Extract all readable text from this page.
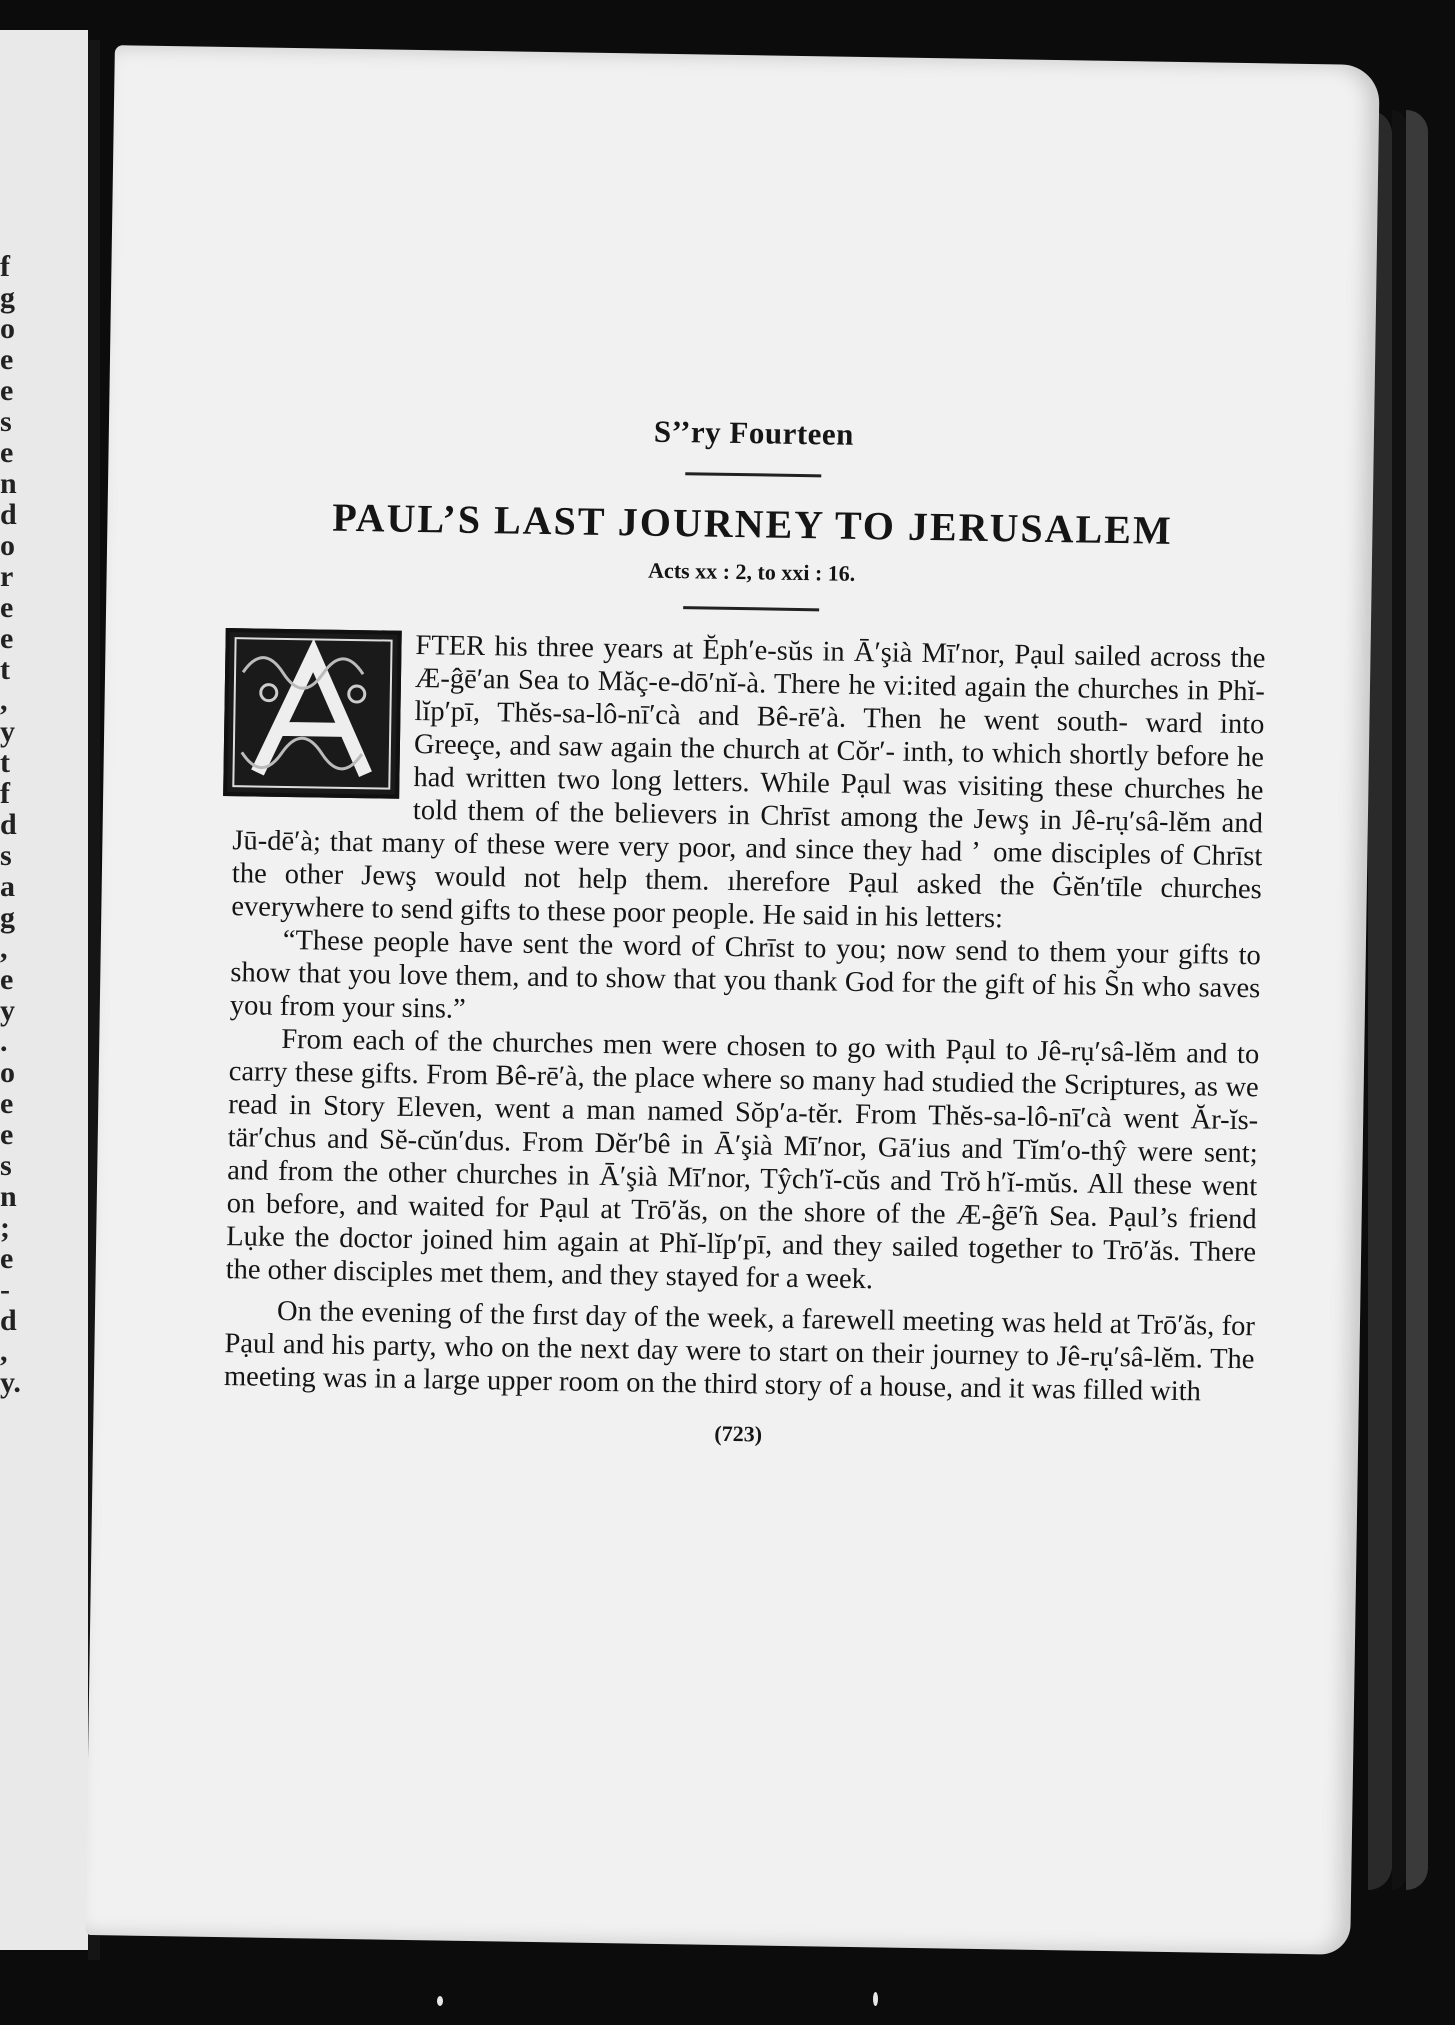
f
g
o
e
e
s
e
n
d
o
r
e
e
t
,
y
t
f
d
s
a
g
,
e
y
.
o
e
e
s
n
;
e
-
d
,
y.
S’’ry Fourteen
PAUL’S LAST JOURNEY TO JERUSALEM
Acts xx : 2, to xxi : 16.

FTER his three years at Ĕph′e-sŭs in Ā′şià Mī′nor, Pạul sailed across the Æ-ĝē′an Sea to Măç-e-dō′nĭ-à. There he vi:ited again the churches in Phĭ-lĭp′pī, Thĕs-sa-lô-nī′cà and Bê-rē′à. Then he went south- ward into Greeçe, and saw again the church at Cŏr′- inth, to which shortly before he had written two long letters. While Pạul was visiting these churches he told them of the believers in Chrīst among the Jewş in Jê-rụ′sâ-lĕm and Jū-dē′à; that many of these were very poor, and since they had ’  ome disciples of Chrīst the other Jewş would not help them. ıherefore Pạul asked the Ġĕn′tīle churches everywhere to send gifts to these poor people. He said in his letters:

“These people have sent the word of Chrīst to you; now send to them your gifts to show that you love them, and to show that you thank God for the gift of his S̃n who saves you from your sins.”

From each of the churches men were chosen to go with Pạul to Jê-rụ′sâ-lĕm and to carry these gifts. From Bê-rē′à, the place where so many had studied the Scriptures, as we read in Story Eleven, went a man named Sŏp′a-tĕr. From Thĕs-sa-lô-nī′cà went Ăr-ĭs-tär′chus and Sĕ-cŭn′dus. From Dĕr′bê in Ā′şià Mī′nor, Gā′ius and Tĭm′o-thŷ were sent; and from the other churches in Ā′şià Mī′nor, Tŷch′ĭ-cŭs and Trŏ h′ĭ-mŭs. All these went on before, and waited for Pạul at Trō′ăs, on the shore of the Æ-ĝē′̃n Sea. Pạul’s friend Lụke the doctor joined him again at Phĭ-lĭp′pī, and they sailed together to Trō′ăs. There the other disciples met them, and they stayed for a week.

On the evening of the fırst day of the week, a farewell meeting was held at Trō′ăs, for Pạul and his party, who on the next day were to start on their journey to Jê-rụ′sâ-lĕm. The meeting was in a large upper room on the third story of a house, and it was filled with

(723)
